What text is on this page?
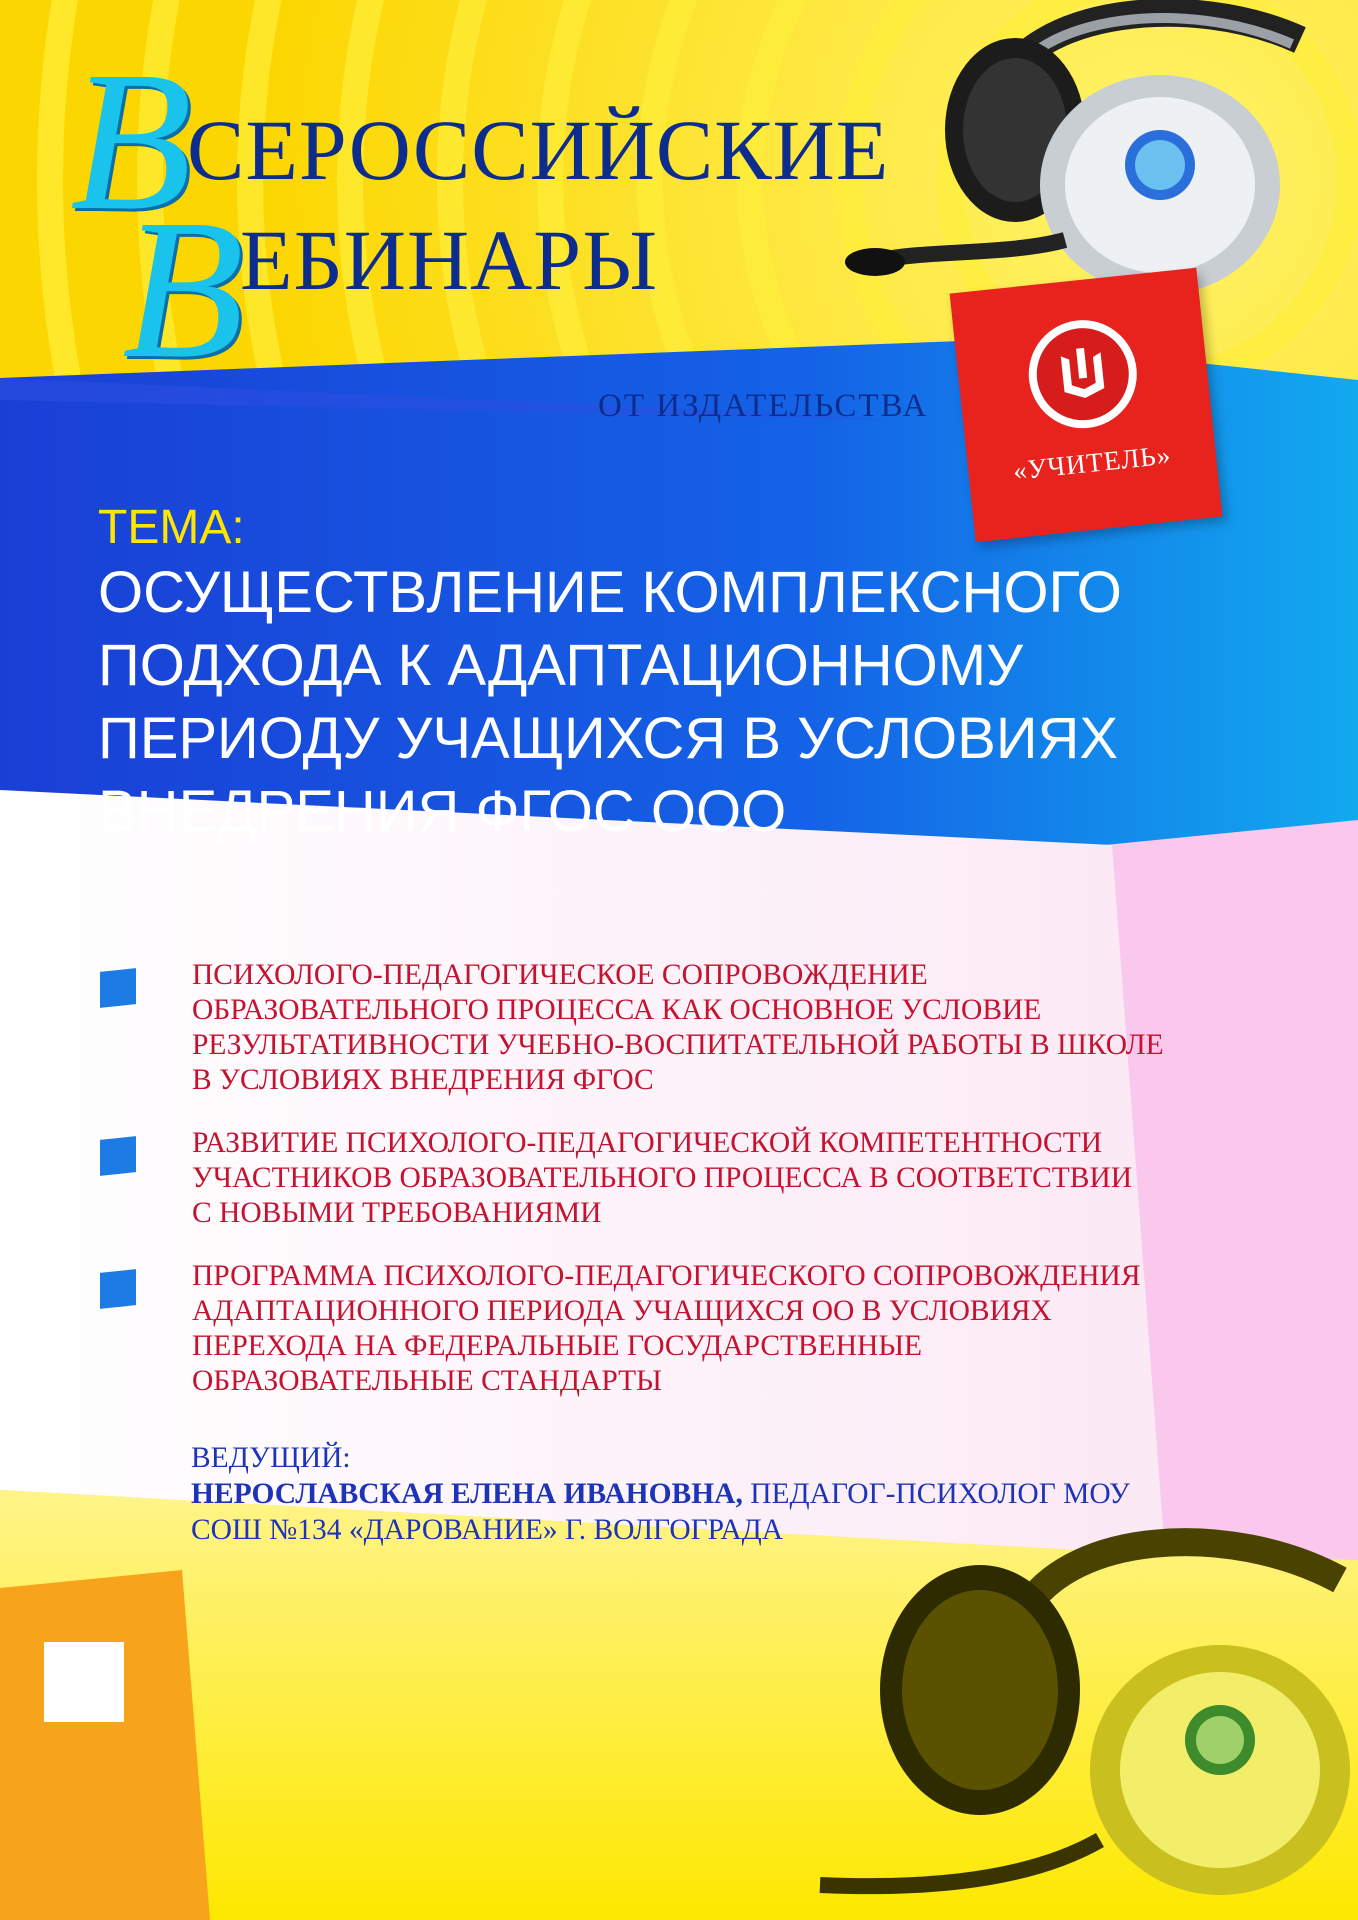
В
СЕРОССИЙСКИЕ
В
ЕБИНАРЫ
ОТ ИЗДАТЕЛЬСТВА
«УЧИТЕЛЬ»
ТЕМА:
ОСУЩЕСТВЛЕНИЕ КОМПЛЕКСНОГО
ПОДХОДА К АДАПТАЦИОННОМУ
ПЕРИОДУ УЧАЩИХСЯ В УСЛОВИЯХ
ВНЕДРЕНИЯ ФГОС ООО
ПСИХОЛОГО-ПЕДАГОГИЧЕСКОЕ СОПРОВОЖДЕНИЕ
ОБРАЗОВАТЕЛЬНОГО ПРОЦЕССА КАК ОСНОВНОЕ УСЛОВИЕ
РЕЗУЛЬТАТИВНОСТИ УЧЕБНО-ВОСПИТАТЕЛЬНОЙ РАБОТЫ В ШКОЛЕ
В УСЛОВИЯХ ВНЕДРЕНИЯ ФГОС
РАЗВИТИЕ ПСИХОЛОГО-ПЕДАГОГИЧЕСКОЙ КОМПЕТЕНТНОСТИ
УЧАСТНИКОВ ОБРАЗОВАТЕЛЬНОГО ПРОЦЕССА В СООТВЕТСТВИИ
С НОВЫМИ ТРЕБОВАНИЯМИ
ПРОГРАММА ПСИХОЛОГО-ПЕДАГОГИЧЕСКОГО СОПРОВОЖДЕНИЯ
АДАПТАЦИОННОГО ПЕРИОДА УЧАЩИХСЯ ОО В УСЛОВИЯХ
ПЕРЕХОДА НА ФЕДЕРАЛЬНЫЕ ГОСУДАРСТВЕННЫЕ
ОБРАЗОВАТЕЛЬНЫЕ СТАНДАРТЫ
ВЕДУЩИЙ:
НЕРОСЛАВСКАЯ ЕЛЕНА ИВАНОВНА, ПЕДАГОГ-ПСИХОЛОГ МОУ
СОШ №134 «ДАРОВАНИЕ» Г. ВОЛГОГРАДА
